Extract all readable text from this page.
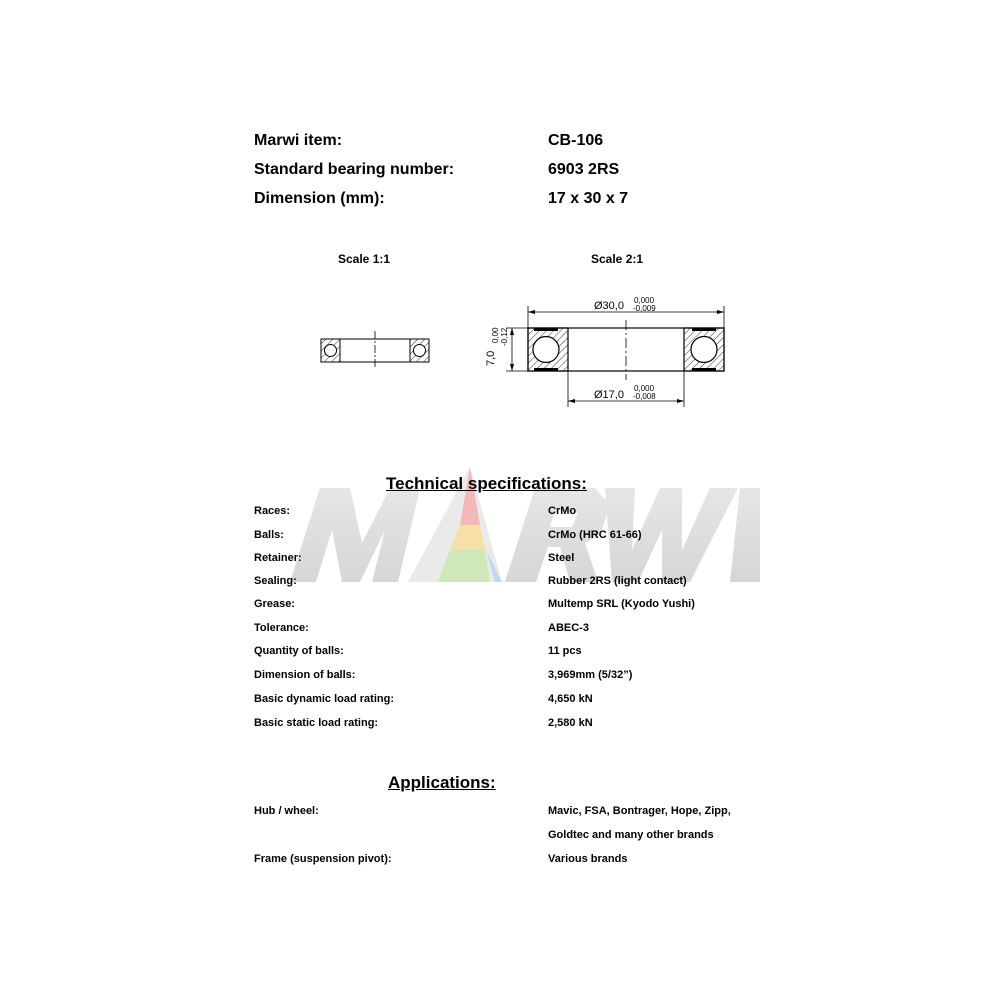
Marwi item:	CB-106
Standard bearing number:	6903 2RS
Dimension (mm):	17 x 30 x 7
Scale 1:1	Scale 2:1
Ø30,0 0,000
-0,009
Ø17,0
0,000
-0,008
7,0
0,00 -0,12
Technical specifications:
Races:	CrMo
Balls:	CrMo (HRC 61-66)
Retainer:	Steel
Sealing:	Rubber 2RS (light contact)
Grease:	Multemp SRL (Kyodo Yushi)
Tolerance:	ABEC-3
Quantity of balls:	11 pcs
Dimension of balls:	3,969mm (5/32”)
Basic dynamic load rating:	4,650 kN
Basic static load rating:	2,580 kN
Applications:
Hub / wheel:	Mavic, FSA, Bontrager, Hope, Zipp,
Goldtec and many other brands
Frame (suspension pivot):	Various brands
